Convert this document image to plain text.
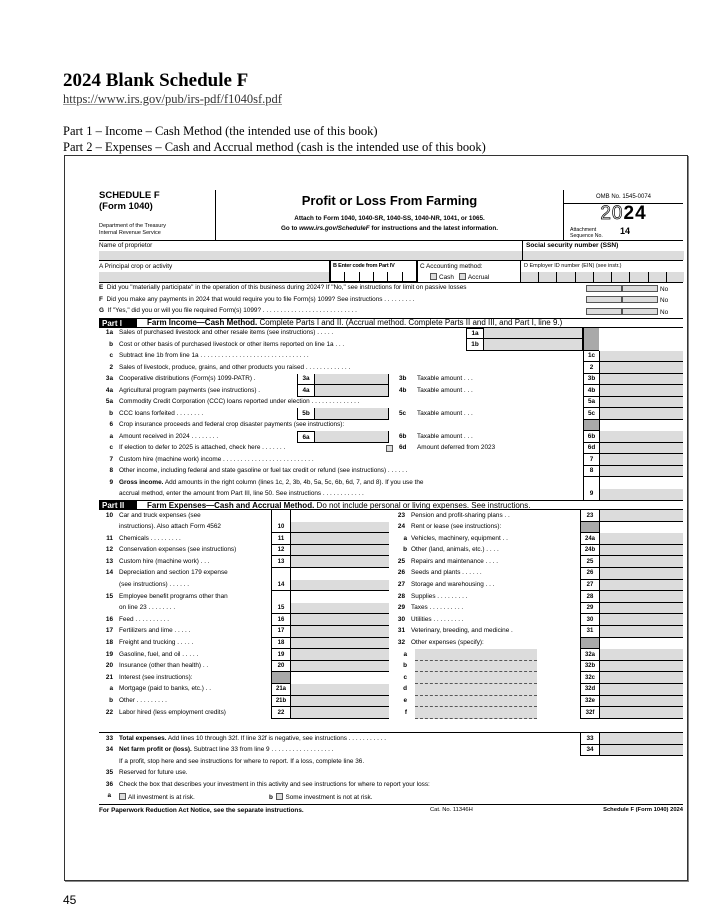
2024 Blank Schedule F
https://www.irs.gov/pub/irs-pdf/f1040sf.pdf
Part 1 – Income – Cash Method (the intended use of this book)
Part 2 – Expenses – Cash and Accrual method (cash is the intended use of this book)
SCHEDULE F
(Form 1040)
Department of the Treasury
Internal Revenue Service
Profit or Loss From Farming
Attach to Form 1040, 1040-SR, 1040-SS, 1040-NR, 1041, or 1065.
Go to www.irs.gov/ScheduleF for instructions and the latest information.
OMB No. 1545-0074
2024
Attachment
Sequence No. 14
Name of proprietor	Social security number (SSN)
A Principal crop or activity	B Enter code from Part IV	C Accounting method:
Cash	Accrual
D Employer ID number (EIN) (see instr.)
E Did you "materially participate" in the operation of this business during 2024? If "No," see instructions for limit on passive losses	No
F Did you make any payments in 2024 that would require you to file Form(s) 1099? See instructions . . . . . . . . .	No
G If "Yes," did you or will you file required Form(s) 1099? . . . . . . . . . . . . . . . . . . . . . . . . . . .	No
Part I	Farm Income—Cash Method. Complete Parts I and II. (Accrual method. Complete Parts II and III, and Part I, line 9.)
1a Sales of purchased livestock and other resale items (see instructions) . . . . .	1a
b Cost or other basis of purchased livestock or other items reported on line 1a . . .	1b
c Subtract line 1b from line 1a . . . . . . . . . . . . . . . . . . . . . . . . . . . . . . .	1c
2 Sales of livestock, produce, grains, and other products you raised . . . . . . . . . . . . .	2
3a Cooperative distributions (Form(s) 1099-PATR) .	3a	3b Taxable amount . . .	3b
4a Agricultural program payments (see instructions) .	4a	4b Taxable amount . . .	4b
5a Commodity Credit Corporation (CCC) loans reported under election . . . . . . . . . . . . . .	5a
b CCC loans forfeited . . . . . . . .	5b	5c Taxable amount . . .	5c
6 Crop insurance proceeds and federal crop disaster payments (see instructions):
a Amount received in 2024 . . . . . . . .	6a	6b Taxable amount . . .	6b
c If election to defer to 2025 is attached, check here . . . . . . .	6d Amount deferred from 2023	6d
7 Custom hire (machine work) income . . . . . . . . . . . . . . . . . . . . . . . . . .	7
8 Other income, including federal and state gasoline or fuel tax credit or refund (see instructions) . . . . . .	8
9 Gross income. Add amounts in the right column (lines 1c, 2, 3b, 4b, 5a, 5c, 6b, 6d, 7, and 8). If you use the
accrual method, enter the amount from Part III, line 50. See instructions . . . . . . . . . . . .	9
Part II	Farm Expenses—Cash and Accrual Method. Do not include personal or living expenses. See instructions.
10 Car and truck expenses (see
instructions). Also attach Form 4562	10
11 Chemicals . . . . . . . . .	11
12 Conservation expenses (see instructions)	12
13 Custom hire (machine work) . . .	13
14 Depreciation and section 179 expense
(see instructions) . . . . . .	14
15 Employee benefit programs other than
on line 23 . . . . . . . .	15
16 Feed . . . . . . . . . .	16
17 Fertilizers and lime . . . . .	17
18 Freight and trucking . . . . .	18
19 Gasoline, fuel, and oil . . . . .	19
20 Insurance (other than health) . .	20
21 Interest (see instructions):
a Mortgage (paid to banks, etc.) . .	21a
b Other . . . . . . . . .	21b
22 Labor hired (less employment credits)	22
23 Pension and profit-sharing plans . .	23
24 Rent or lease (see instructions):
a Vehicles, machinery, equipment . .	24a
b Other (land, animals, etc.) . . . .	24b
25 Repairs and maintenance . . . .	25
26 Seeds and plants . . . . . .	26
27 Storage and warehousing . . .	27
28 Supplies . . . . . . . . .	28
29 Taxes . . . . . . . . . .	29
30 Utilities . . . . . . . . .	30
31 Veterinary, breeding, and medicine .	31
32 Other expenses (specify):
a	32a
b	32b
c	32c
d	32d
e	32e
f	32f
33 Total expenses. Add lines 10 through 32f. If line 32f is negative, see instructions . . . . . . . . . . .	33
34 Net farm profit or (loss). Subtract line 33 from line 9 . . . . . . . . . . . . . . . . . .	34
If a profit, stop here and see instructions for where to report. If a loss, complete line 36.
35 Reserved for future use.
36 Check the box that describes your investment in this activity and see instructions for where to report your loss:
a	All investment is at risk.	b Some investment is not at risk.
For Paperwork Reduction Act Notice, see the separate instructions.	Cat. No. 11346H	Schedule F (Form 1040) 2024
45
